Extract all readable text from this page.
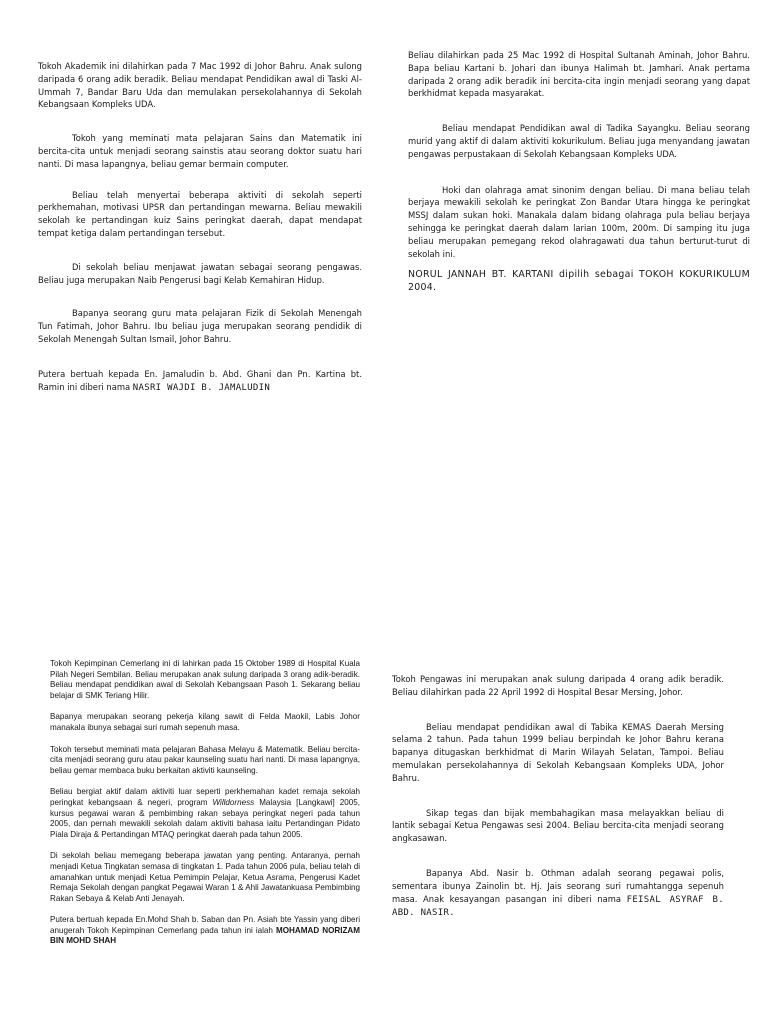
Tokoh Akademik ini dilahirkan pada 7 Mac 1992 di Johor Bahru. Anak sulong daripada 6 orang adik beradik. Beliau mendapat Pendidikan awal di Taski Al-Ummah 7, Bandar Baru Uda dan memulakan persekolahannya di Sekolah Kebangsaan Kompleks UDA.

Tokoh yang meminati mata pelajaran Sains dan Matematik ini bercita-cita untuk menjadi seorang sainstis atau seorang doktor suatu hari nanti. Di masa lapangnya, beliau gemar bermain computer.

Beliau telah menyertai beberapa aktiviti di sekolah seperti perkhemahan, motivasi UPSR dan pertandingan mewarna. Beliau mewakili sekolah ke pertandingan kuiz Sains peringkat daerah, dapat mendapat tempat ketiga dalam pertandingan tersebut.

Di sekolah beliau menjawat jawatan sebagai seorang pengawas. Beliau juga merupakan Naib Pengerusi bagi Kelab Kemahiran Hidup.

Bapanya seorang guru mata pelajaran Fizik di Sekolah Menengah Tun Fatimah, Johor Bahru. Ibu beliau juga merupakan seorang pendidik di Sekolah Menengah Sultan Ismail, Johor Bahru.

Putera bertuah kepada En. Jamaludin b. Abd. Ghani dan Pn. Kartina bt. Ramin ini diberi nama NASRI WAJDI B. JAMALUDIN

Beliau dilahirkan pada 25 Mac 1992 di Hospital Sultanah Aminah, Johor Bahru. Bapa beliau Kartani b. Johari dan ibunya Halimah bt. Jamhari. Anak pertama daripada 2 orang adik beradik ini bercita-cita ingin menjadi seorang yang dapat berkhidmat kepada masyarakat.

Beliau mendapat Pendidikan awal di Tadika Sayangku. Beliau seorang murid yang aktif di dalam aktiviti kokurikulum. Beliau juga menyandang jawatan pengawas perpustakaan di Sekolah Kebangsaan Kompleks UDA.

Hoki dan olahraga amat sinonim dengan beliau. Di mana beliau telah berjaya mewakili sekolah ke peringkat Zon Bandar Utara hingga ke peringkat MSSJ dalam sukan hoki. Manakala dalam bidang olahraga pula beliau berjaya sehingga ke peringkat daerah dalam larian 100m, 200m. Di samping itu juga beliau merupakan pemegang rekod olahragawati dua tahun berturut-turut di sekolah ini.

NORUL JANNAH BT. KARTANI dipilih sebagai TOKOH KOKURIKULUM 2004.

Tokoh Kepimpinan Cemerlang ini di lahirkan pada 15 Oktober 1989 di Hospital Kuala Pilah Negeri Sembilan. Beliau merupakan anak sulung daripada 3 orang adik-beradik. Beliau mendapat pendidikan awal di Sekolah Kebangsaan Pasoh 1. Sekarang beliau belajar di SMK Teriang Hilir.

Bapanya merupakan seorang pekerja kilang sawit di Felda Maokil, Labis Johor manakala ibunya sebagai suri rumah sepenuh masa.

Tokoh tersebut meminati mata pelajaran Bahasa Melayu & Matematik. Beliau bercita-cita menjadi seorang guru atau pakar kaunseling suatu hari nanti. Di masa lapangnya, beliau gemar membaca buku berkaitan aktiviti kaunseling.

Beliau bergiat aktif dalam aktiviti luar seperti perkhemahan kadet remaja sekolah peringkat kebangsaan & negeri, program Willdorness Malaysia [Langkawi] 2005, kursus pegawai waran & pembimbing rakan sebaya peringkat negeri pada tahun 2005, dan pernah mewakili sekolah dalam aktiviti bahasa iaitu Pertandingan Pidato Piala Diraja & Pertandingan MTAQ peringkat daerah pada tahun 2005.

Di sekolah beliau memegang beberapa jawatan yang penting. Antaranya, pernah menjadi Ketua Tingkatan semasa di tingkatan 1. Pada tahun 2006 pula, beliau telah di amanahkan untuk menjadi Ketua Pemimpin Pelajar, Ketua Asrama, Pengerusi Kadet Remaja Sekolah dengan pangkat Pegawai Waran 1 & Ahli Jawatankuasa Pembimbing Rakan Sebaya & Kelab Anti Jenayah.

Putera bertuah kepada En.Mohd Shah b. Saban dan Pn. Asiah bte Yassin yang diberi anugerah Tokoh Kepimpinan Cemerlang pada tahun ini ialah MOHAMAD NORIZAM BIN MOHD SHAH

Tokoh Pengawas ini merupakan anak sulung daripada 4 orang adik beradik. Beliau dilahirkan pada 22 April 1992 di Hospital Besar Mersing, Johor.

Beliau mendapat pendidikan awal di Tabika KEMAS Daerah Mersing selama 2 tahun. Pada tahun 1999 beliau berpindah ke Johor Bahru kerana bapanya ditugaskan berkhidmat di Marin Wilayah Selatan, Tampoi. Beliau memulakan persekolahannya di Sekolah Kebangsaan Kompleks UDA, Johor Bahru.

Sikap tegas dan bijak membahagikan masa melayakkan beliau di lantik sebagai Ketua Pengawas sesi 2004. Beliau bercita-cita menjadi seorang angkasawan.

Bapanya Abd. Nasir b. Othman adalah seorang pegawai polis, sementara ibunya Zainolin bt. Hj. Jais seorang suri rumahtangga sepenuh masa. Anak kesayangan pasangan ini diberi nama FEISAL ASYRAF B. ABD. NASIR.
